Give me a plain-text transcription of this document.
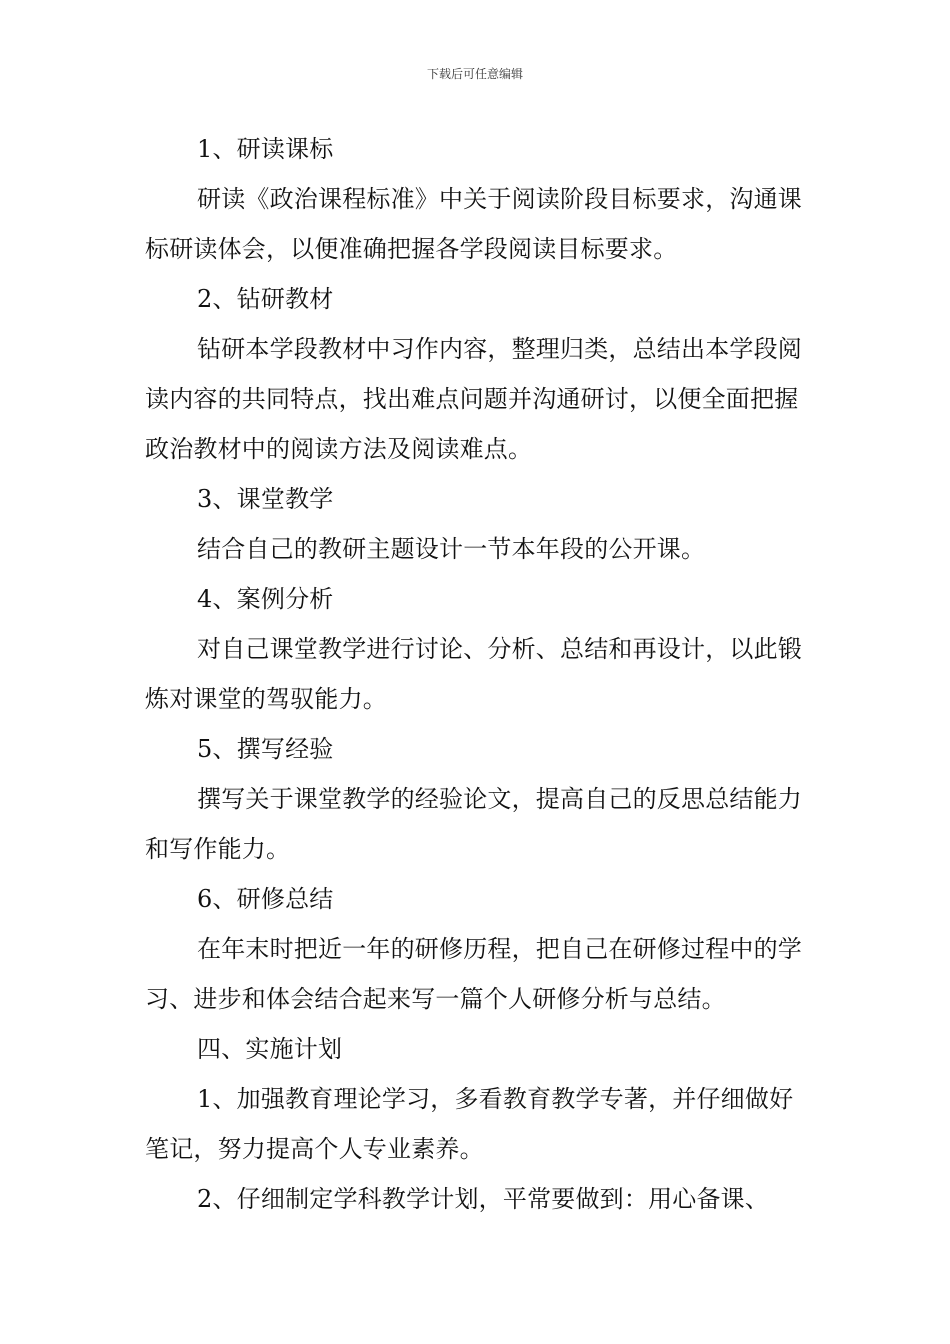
下载后可任意编辑

1、研读课标

研读《政治课程标准》中关于阅读阶段目标要求，沟通课标研读体会，以便准确把握各学段阅读目标要求。

2、钻研教材

钻研本学段教材中习作内容，整理归类，总结出本学段阅读内容的共同特点，找出难点问题并沟通研讨，以便全面把握政治教材中的阅读方法及阅读难点。

3、课堂教学

结合自己的教研主题设计一节本年段的公开课。

4、案例分析

对自己课堂教学进行讨论、分析、总结和再设计，以此锻炼对课堂的驾驭能力。

5、撰写经验

撰写关于课堂教学的经验论文，提高自己的反思总结能力和写作能力。

6、研修总结

在年末时把近一年的研修历程，把自己在研修过程中的学习、进步和体会结合起来写一篇个人研修分析与总结。

四、实施计划

1、加强教育理论学习，多看教育教学专著，并仔细做好笔记，努力提高个人专业素养。

2、仔细制定学科教学计划，平常要做到：用心备课、
